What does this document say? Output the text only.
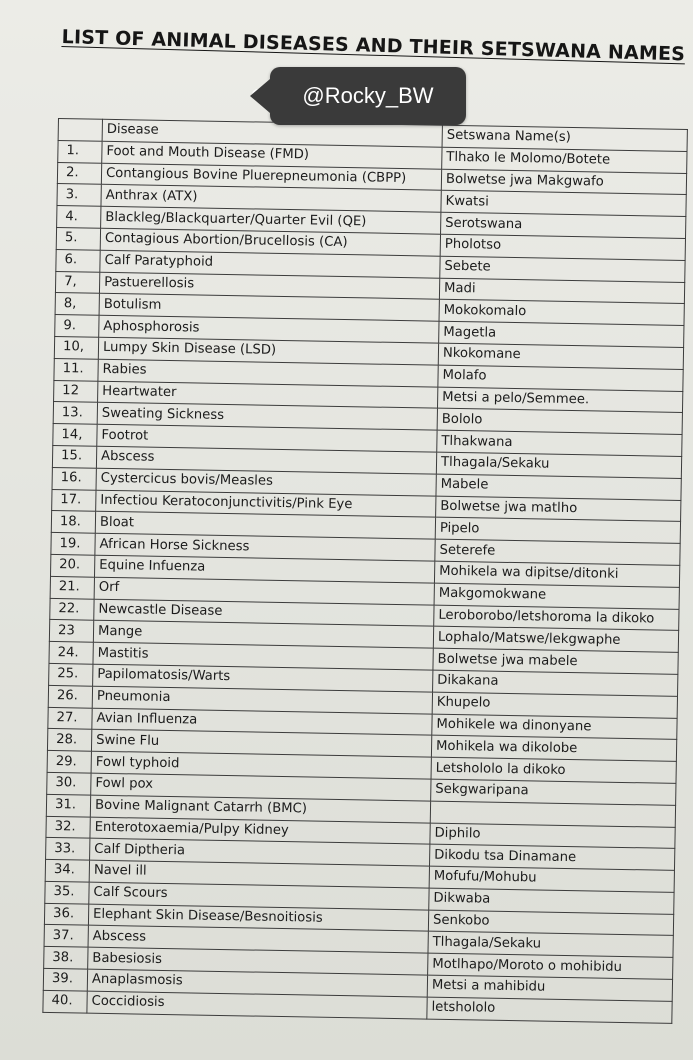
LIST OF ANIMAL DISEASES AND THEIR SETSWANA NAMES
@Rocky_BW
	Disease	Setswana Name(s)
1.	Foot and Mouth Disease (FMD)	Tlhako le Molomo/Botete
2.	Contangious Bovine Pluerepneumonia (CBPP)	Bolwetse jwa Makgwafo
3.	Anthrax (ATX)	Kwatsi
4.	Blackleg/Blackquarter/Quarter Evil (QE)	Serotswana
5.	Contagious Abortion/Brucellosis (CA)	Pholotso
6.	Calf Paratyphoid	Sebete
7,	Pastuerellosis	Madi
8,	Botulism	Mokokomalo
9.	Aphosphorosis	Magetla
10,	Lumpy Skin Disease (LSD)	Nkokomane
11.	Rabies	Molafo
12	Heartwater	Metsi a pelo/Semmee.
13.	Sweating Sickness	Bololo
14,	Footrot	Tlhakwana
15.	Abscess	Tlhagala/Sekaku
16.	Cystercicus bovis/Measles	Mabele
17.	Infectiou Keratoconjunctivitis/Pink Eye	Bolwetse jwa matlho
18.	Bloat	Pipelo
19.	African Horse Sickness	Seterefe
20.	Equine Infuenza	Mohikela wa dipitse/ditonki
21.	Orf	Makgomokwane
22.	Newcastle Disease	Leroborobo/letshoroma la dikoko
23	Mange	Lophalo/Matswe/lekgwaphe
24.	Mastitis	Bolwetse jwa mabele
25.	Papilomatosis/Warts	Dikakana
26.	Pneumonia	Khupelo
27.	Avian Influenza	Mohikele wa dinonyane
28.	Swine Flu	Mohikela wa dikolobe
29.	Fowl typhoid	Letshololo la dikoko
30.	Fowl pox	Sekgwaripana
31.	Bovine Malignant Catarrh (BMC)	
32.	Enterotoxaemia/Pulpy Kidney	Diphilo
33.	Calf Diptheria	Dikodu tsa Dinamane
34.	Navel ill	Mofufu/Mohubu
35.	Calf Scours	Dikwaba
36.	Elephant Skin Disease/Besnoitiosis	Senkobo
37.	Abscess	Tlhagala/Sekaku
38.	Babesiosis	Motlhapo/Moroto o mohibidu
39.	Anaplasmosis	Metsi a mahibidu
40.	Coccidiosis	letshololo
